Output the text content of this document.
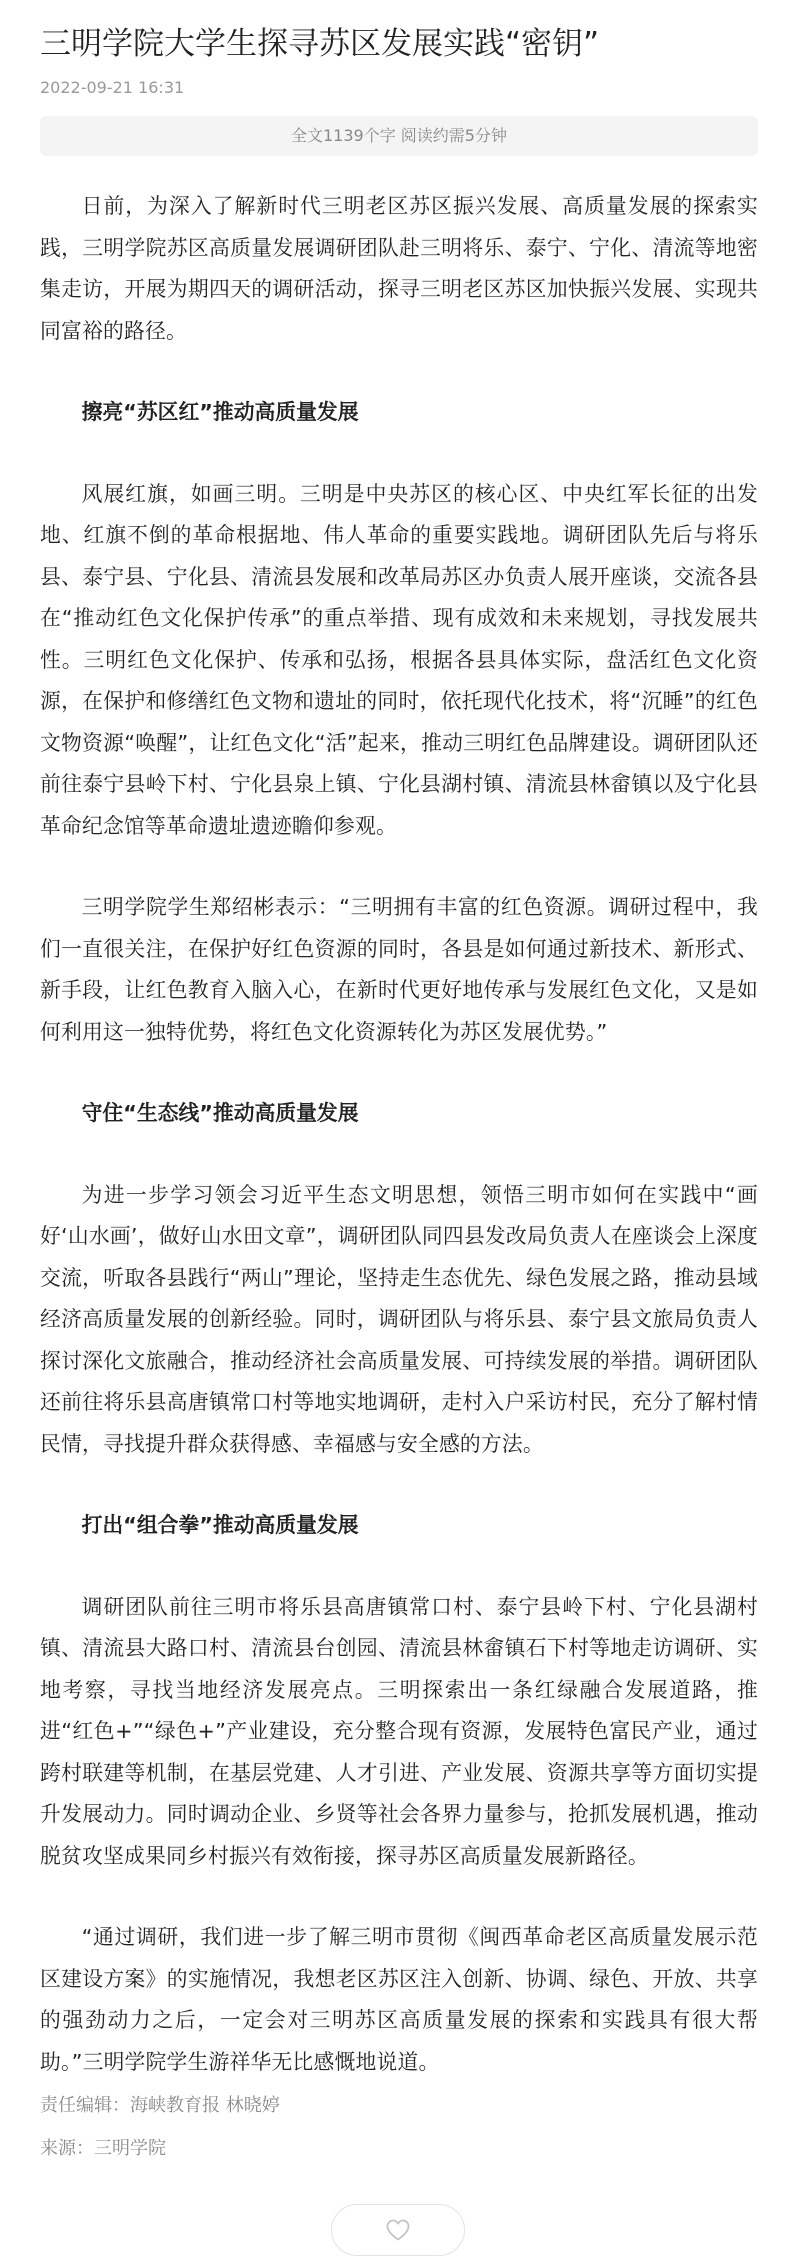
三明学院大学生探寻苏区发展实践“密钥”
2022-09-21 16:31
全文1139个字 阅读约需5分钟

日前，为深入了解新时代三明老区苏区振兴发展、高质量发展的探索实践，三明学院苏区高质量发展调研团队赴三明将乐、泰宁、宁化、清流等地密集走访，开展为期四天的调研活动，探寻三明老区苏区加快振兴发展、实现共同富裕的路径。

擦亮“苏区红”推动高质量发展

风展红旗，如画三明。三明是中央苏区的核心区、中央红军长征的出发地、红旗不倒的革命根据地、伟人革命的重要实践地。调研团队先后与将乐县、泰宁县、宁化县、清流县发展和改革局苏区办负责人展开座谈，交流各县在“推动红色文化保护传承”的重点举措、现有成效和未来规划，寻找发展共性。三明红色文化保护、传承和弘扬，根据各县具体实际，盘活红色文化资源，在保护和修缮红色文物和遗址的同时，依托现代化技术，将“沉睡”的红色文物资源“唤醒”，让红色文化“活”起来，推动三明红色品牌建设。调研团队还前往泰宁县岭下村、宁化县泉上镇、宁化县湖村镇、清流县林畲镇以及宁化县革命纪念馆等革命遗址遗迹瞻仰参观。

三明学院学生郑绍彬表示：“三明拥有丰富的红色资源。调研过程中，我们一直很关注，在保护好红色资源的同时，各县是如何通过新技术、新形式、新手段，让红色教育入脑入心，在新时代更好地传承与发展红色文化，又是如何利用这一独特优势，将红色文化资源转化为苏区发展优势。”

守住“生态线”推动高质量发展

为进一步学习领会习近平生态文明思想，领悟三明市如何在实践中“画好‘山水画’，做好山水田文章”，调研团队同四县发改局负责人在座谈会上深度交流，听取各县践行“两山”理论，坚持走生态优先、绿色发展之路，推动县域经济高质量发展的创新经验。同时，调研团队与将乐县、泰宁县文旅局负责人探讨深化文旅融合，推动经济社会高质量发展、可持续发展的举措。调研团队还前往将乐县高唐镇常口村等地实地调研，走村入户采访村民，充分了解村情民情，寻找提升群众获得感、幸福感与安全感的方法。

打出“组合拳”推动高质量发展

调研团队前往三明市将乐县高唐镇常口村、泰宁县岭下村、宁化县湖村镇、清流县大路口村、清流县台创园、清流县林畲镇石下村等地走访调研、实地考察，寻找当地经济发展亮点。三明探索出一条红绿融合发展道路，推进“红色+”“绿色+”产业建设，充分整合现有资源，发展特色富民产业，通过跨村联建等机制，在基层党建、人才引进、产业发展、资源共享等方面切实提升发展动力。同时调动企业、乡贤等社会各界力量参与，抢抓发展机遇，推动脱贫攻坚成果同乡村振兴有效衔接，探寻苏区高质量发展新路径。

“通过调研，我们进一步了解三明市贯彻《闽西革命老区高质量发展示范区建设方案》的实施情况，我想老区苏区注入创新、协调、绿色、开放、共享的强劲动力之后，一定会对三明苏区高质量发展的探索和实践具有很大帮助。”三明学院学生游祥华无比感慨地说道。

责任编辑：海峡教育报 林晓婷
来源：三明学院
